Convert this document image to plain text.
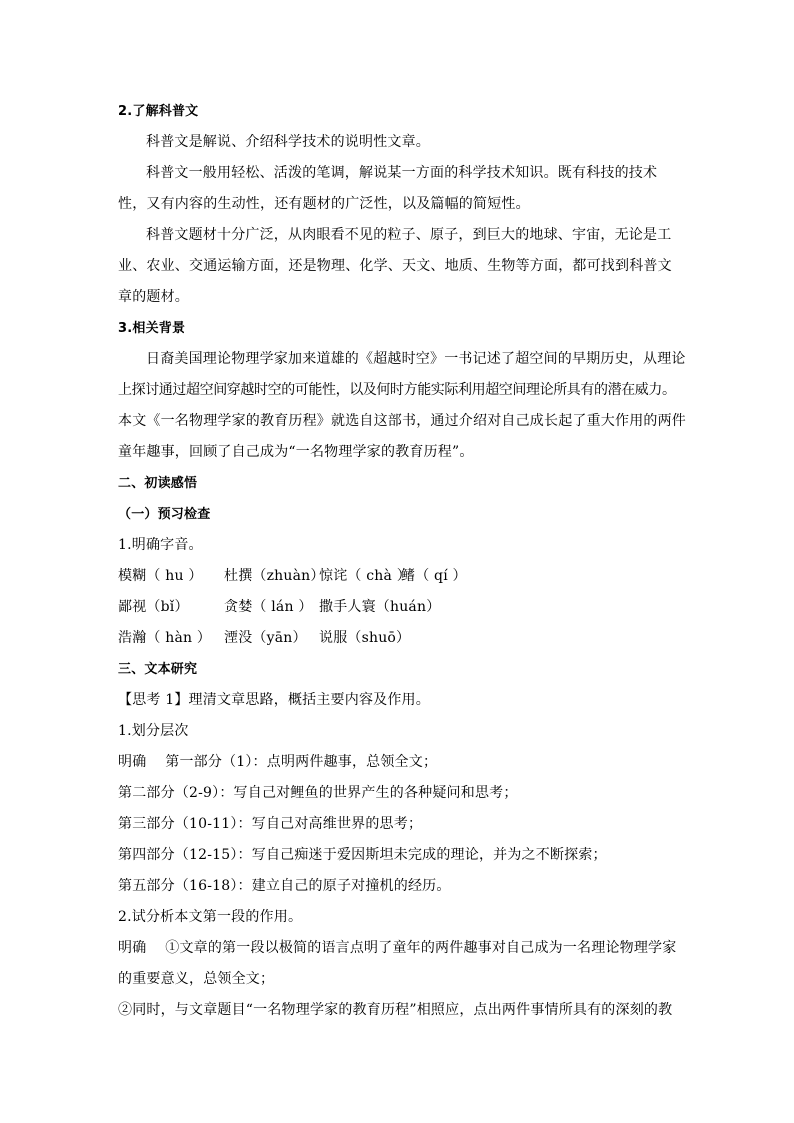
2.了解科普文
科普文是解说、介绍科学技术的说明性文章。
科普文一般用轻松、活泼的笔调，解说某一方面的科学技术知识。既有科技的技术
性，又有内容的生动性，还有题材的广泛性，以及篇幅的简短性。
科普文题材十分广泛，从肉眼看不见的粒子、原子，到巨大的地球、宇宙，无论是工
业、农业、交通运输方面，还是物理、化学、天文、地质、生物等方面，都可找到科普文
章的题材。
3.相关背景
日裔美国理论物理学家加来道雄的《超越时空》一书记述了超空间的早期历史，从理论
上探讨通过超空间穿越时空的可能性，以及何时方能实际利用超空间理论所具有的潜在威力。
本文《一名物理学家的教育历程》就选自这部书，通过介绍对自己成长起了重大作用的两件
童年趣事，回顾了自己成为“一名物理学家的教育历程”。
二、初读感悟
（一）预习检查
1.明确字音。
模糊（ hu ）	杜撰（zhuàn）
惊诧（ chà ）
鳍（ qí ）
鄙视（bǐ）	贪婪（ lán ） 撒手人寰（huán）
浩瀚（ hàn ） 湮没（yān） 说服（shuō）
三、文本研究
【思考 1】理清文章思路，概括主要内容及作用。
1.划分层次
明确　 第一部分（1）：点明两件趣事，总领全文；
第二部分（2-9）：写自己对鲤鱼的世界产生的各种疑问和思考；
第三部分（10-11）：写自己对高维世界的思考；
第四部分（12-15）：写自己痴迷于爱因斯坦未完成的理论，并为之不断探索；
第五部分（16-18）：建立自己的原子对撞机的经历。
2.试分析本文第一段的作用。
明确　 ①文章的第一段以极简的语言点明了童年的两件趣事对自己成为一名理论物理学家
的重要意义，总领全文；
②同时，与文章题目“一名物理学家的教育历程”相照应，点出两件事情所具有的深刻的教
